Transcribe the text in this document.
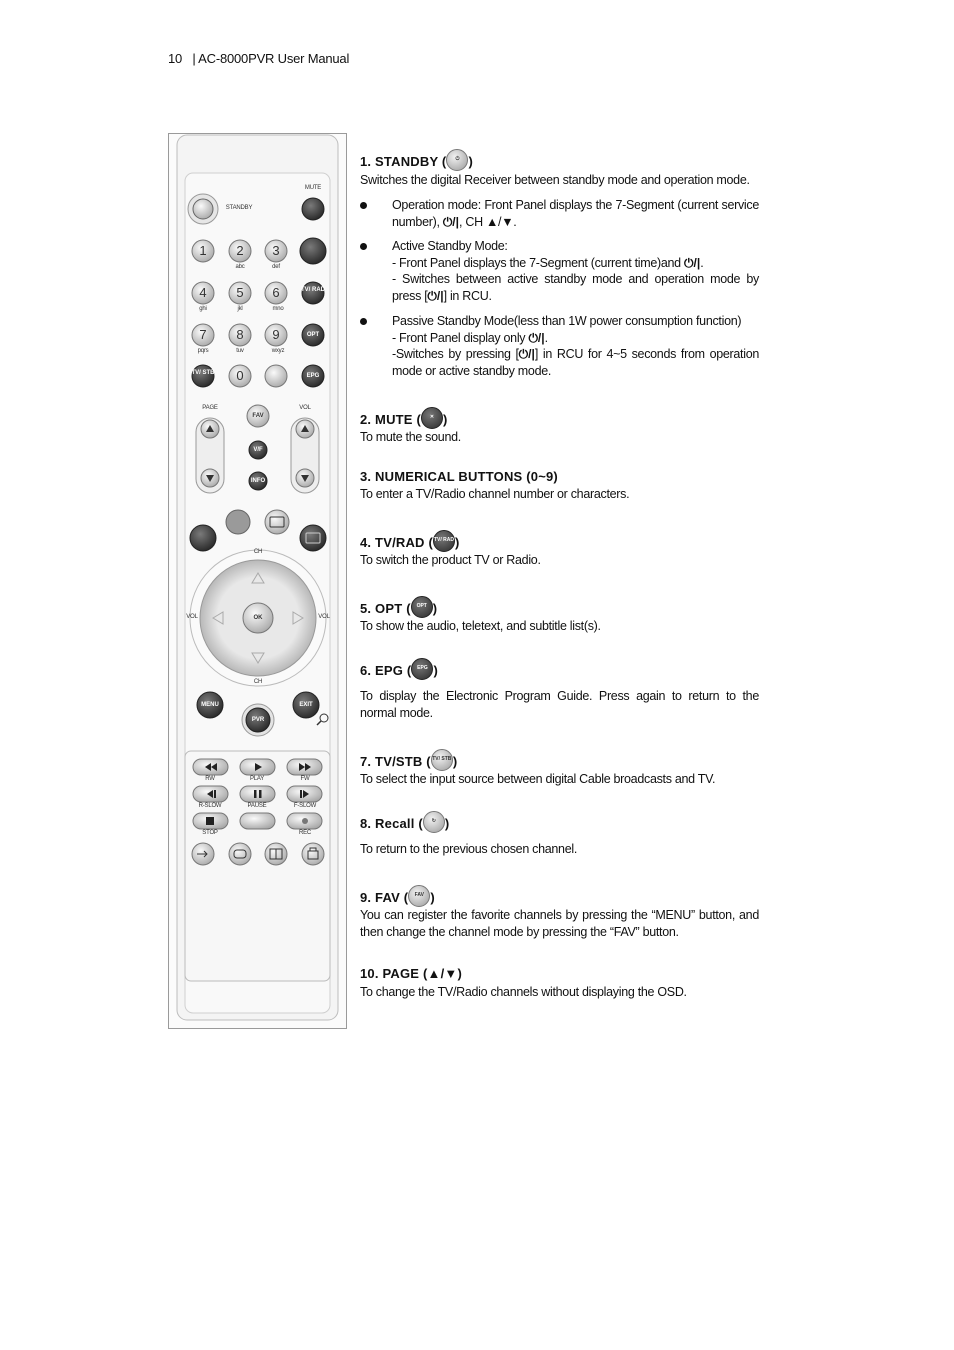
10 | AC-8000PVR User Manual
STANDBY
MUTE
1	2	3
4	5	6
7	8	9
0
abc	def
ghi	jkl	mno
pqrs	tuv	wxyz
TV/ RAD
OPT
TV/ STB	EPG
PAGE	VOL
FAV
V/F
INFO
CH
CH
VOL	VOL
OK
MENU	EXIT
PVR
RW	PLAY	FW
R-SLOW	PAUSE	F-SLOW
STOP	REC
1. STANDBY (	⏻ )
Switches the digital Receiver between standby mode and operation mode.
Operation mode: Front Panel displays the 7-Segment (current service number), ⏻/|, CH ▲/▼.
Active Standby Mode:
- Front Panel displays the 7-Segment (current time)and ⏻/|.
- Switches between active standby mode and operation mode by press [⏻/|] in RCU.
Passive Standby Mode(less than 1W power consumption function)
- Front Panel display only ⏻/|.
-Switches by pressing [⏻/|] in RCU for 4~5 seconds from operation mode or active standby mode.
2. MUTE (	✕ )
To mute the sound.
3. NUMERICAL BUTTONS (0~9)
To enter a TV/Radio channel number or characters.
4. TV/RAD ( TV/ RAD )
To switch the product TV or Radio.
5. OPT (	OPT )
To show the audio, teletext, and subtitle list(s).
6. EPG (	EPG )
To display the Electronic Program Guide. Press again to return to the normal mode.
7. TV/STB ( TV/ STB )
To select the input source between digital Cable broadcasts and TV.
8. Recall (	↻ )
To return to the previous chosen channel.
9. FAV (	FAV )
You can register the favorite channels by pressing the “MENU” button, and then change the channel mode by pressing the “FAV” button.
10. PAGE (▲/▼)
To change the TV/Radio channels without displaying the OSD.
